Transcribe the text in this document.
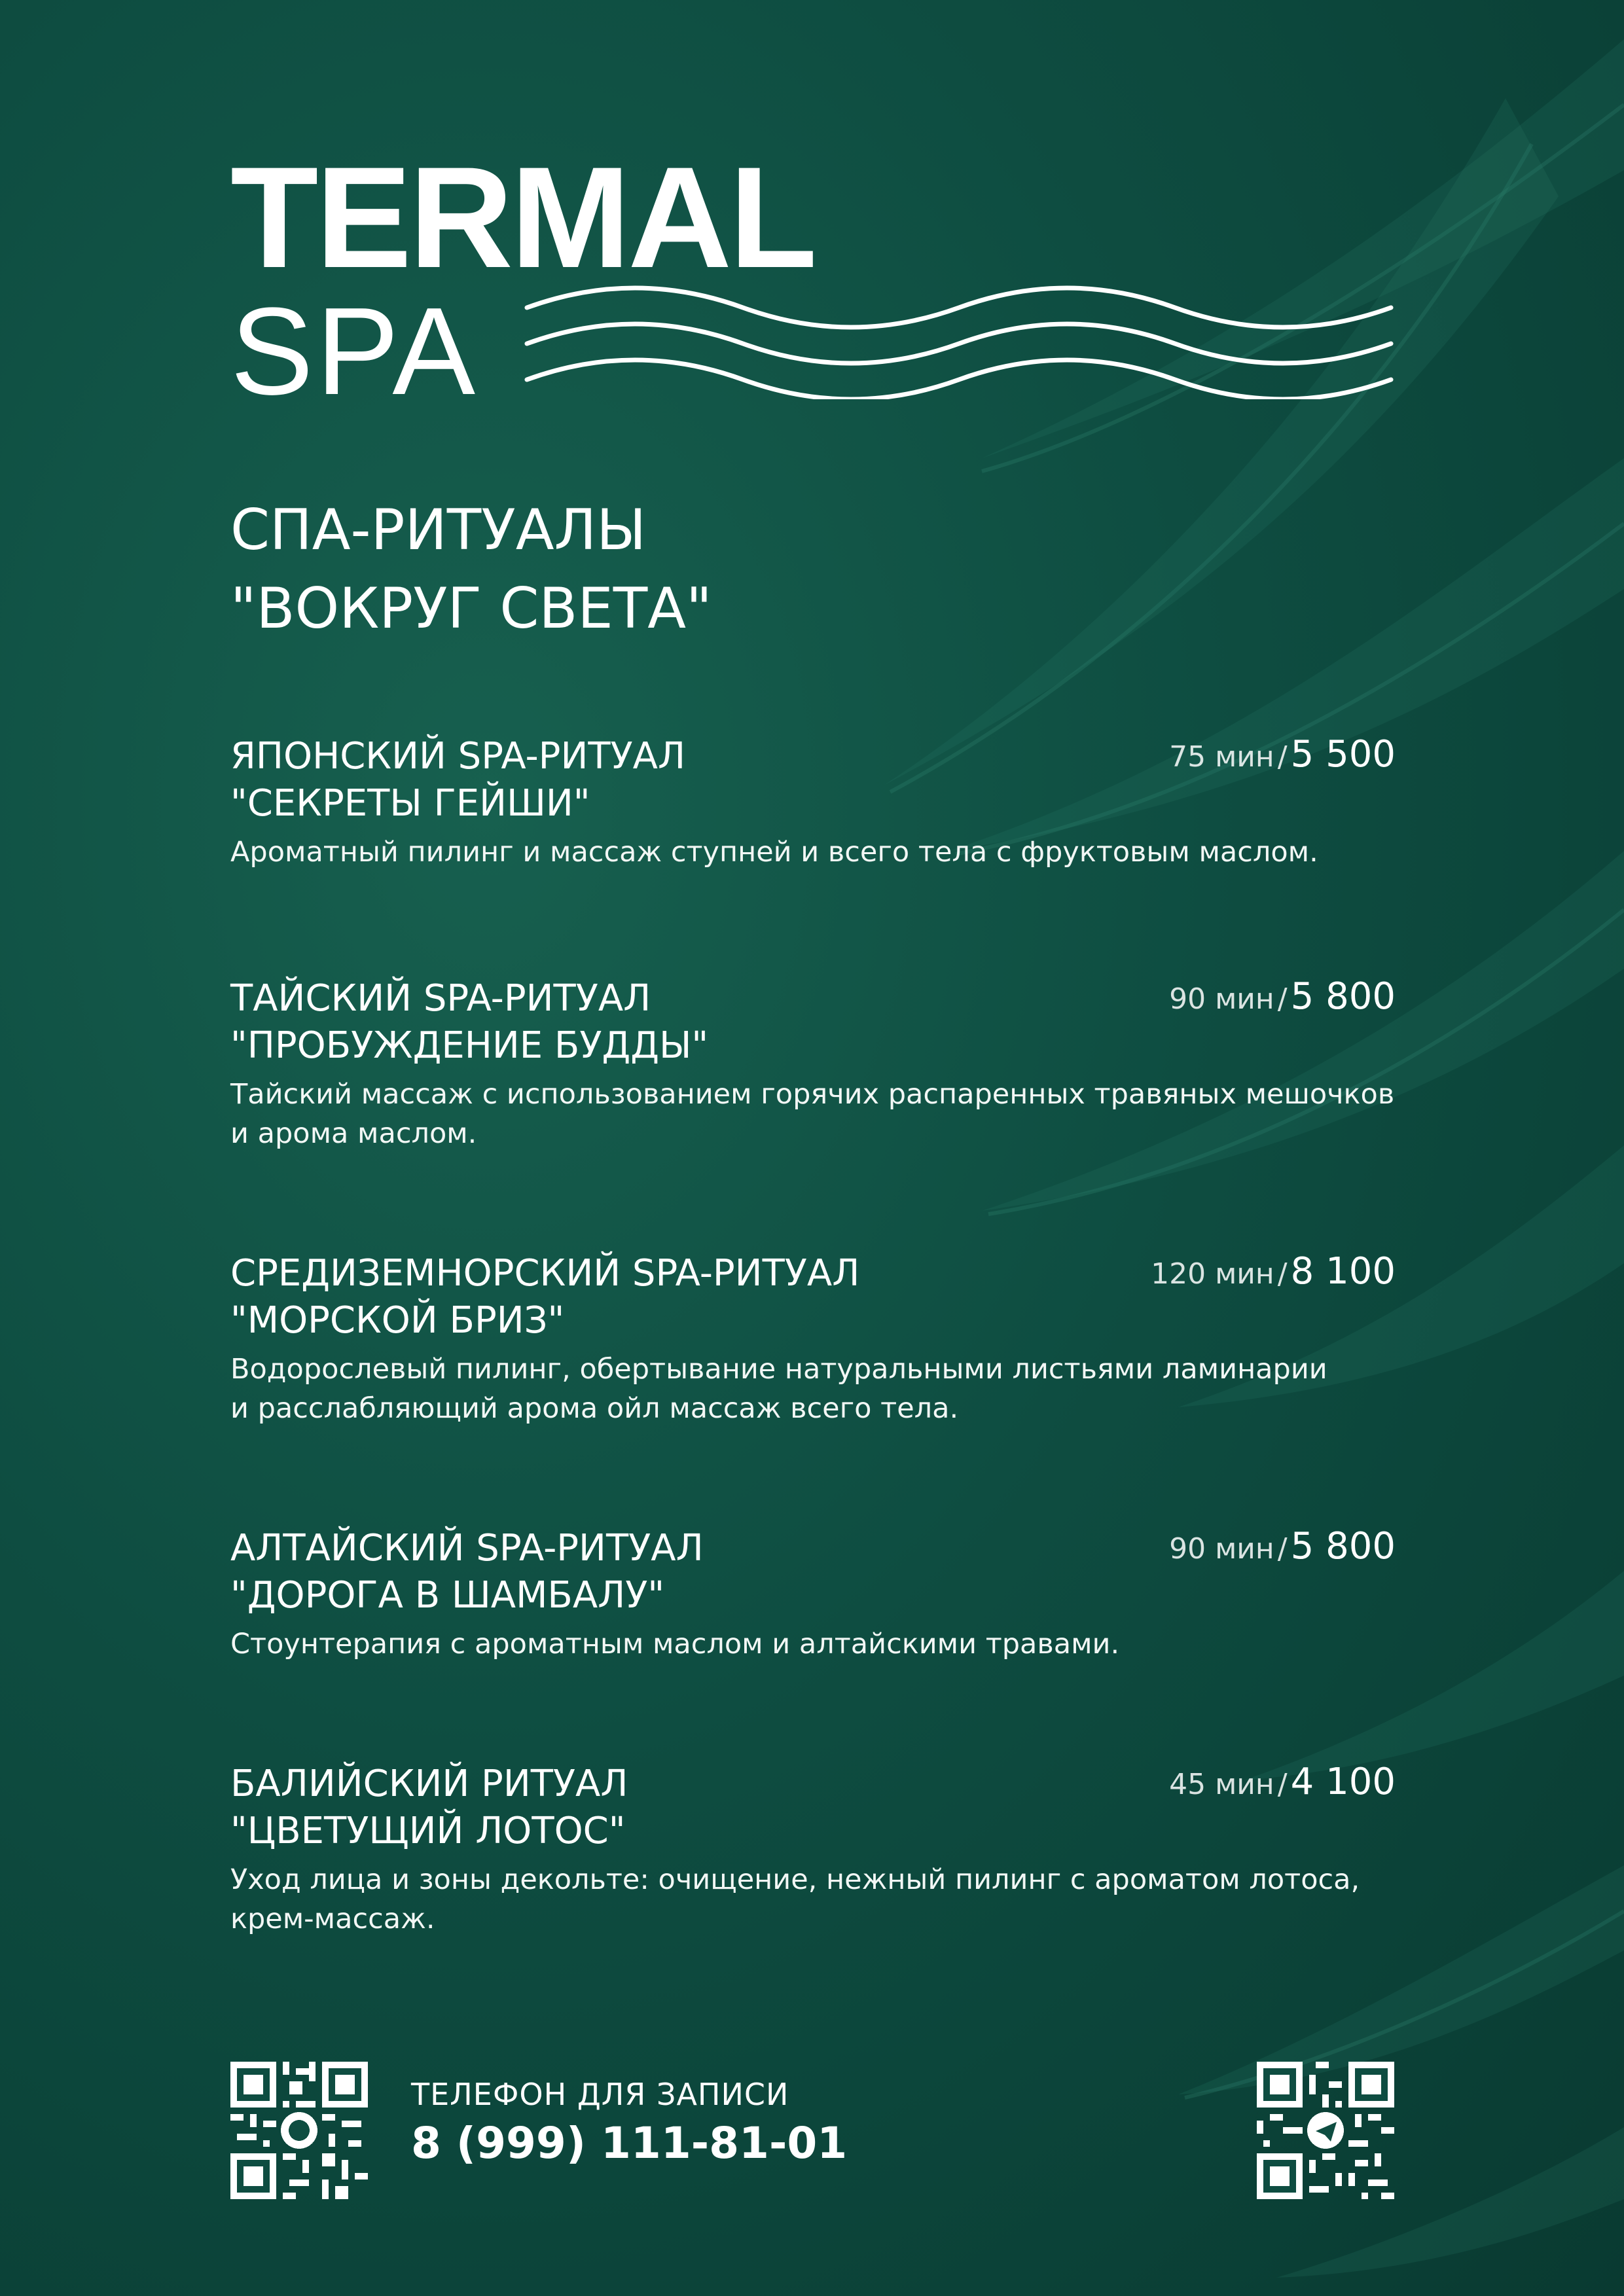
TERMAL
SPA
СПА-РИТУАЛЫ
"ВОКРУГ СВЕТА"
ЯПОНСКИЙ SPA-РИТУАЛ
"СЕКРЕТЫ ГЕЙШИ"
75 мин / 5 500
Ароматный пилинг и массаж ступней и всего тела с фруктовым маслом.
ТАЙСКИЙ SPA-РИТУАЛ
"ПРОБУЖДЕНИЕ БУДДЫ"
90 мин / 5 800
Тайский массаж с использованием горячих распаренных травяных мешочков
и арома маслом.
СРЕДИЗЕМНОРСКИЙ SPA-РИТУАЛ
"МОРСКОЙ БРИЗ"
120 мин / 8 100
Водорослевый пилинг, обертывание натуральными листьями ламинарии
и расслабляющий арома ойл массаж всего тела.
АЛТАЙСКИЙ SPA-РИТУАЛ
"ДОРОГА В ШАМБАЛУ"
90 мин / 5 800
Стоунтерапия с ароматным маслом и алтайскими травами.
БАЛИЙСКИЙ РИТУАЛ
"ЦВЕТУЩИЙ ЛОТОС"
45 мин / 4 100
Уход лица и зоны декольте: очищение, нежный пилинг с ароматом лотоса,
крем-массаж.
ТЕЛЕФОН ДЛЯ ЗАПИСИ
8 (999) 111-81-01
